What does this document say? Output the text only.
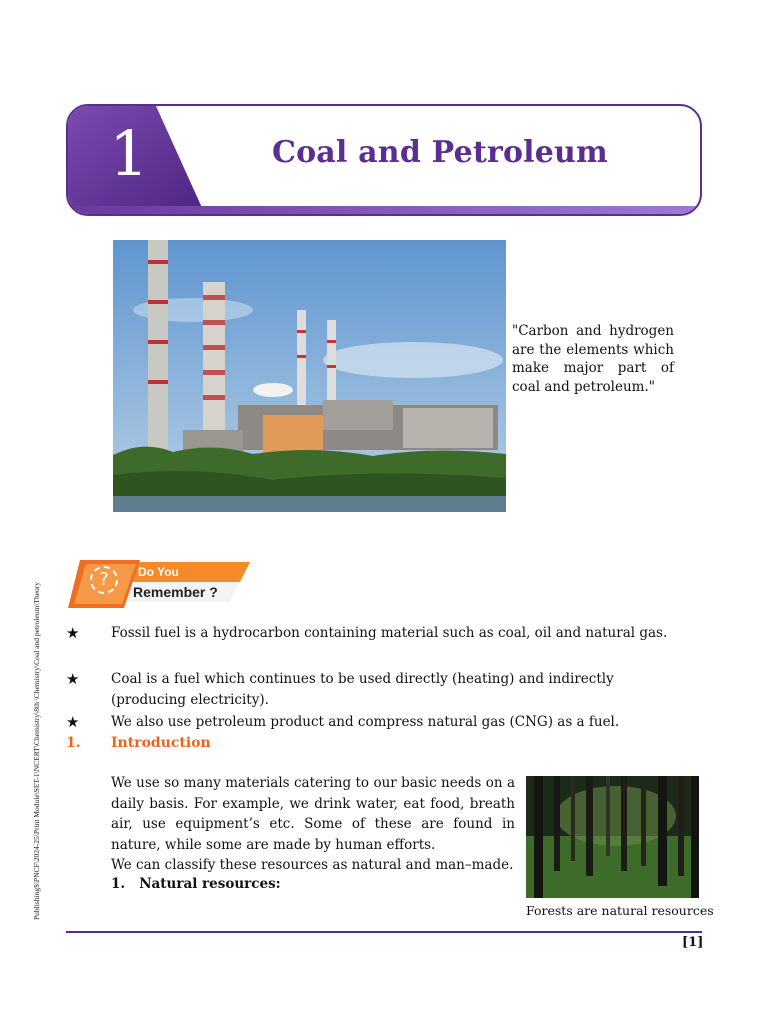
Publishing$\PNCF\2024-25\Print Module\SET-1\NCERT\Chemistry\8th \Chemistry\Coal and petroleum\Theory
1	Coal and Petroleum
"Carbon and hydrogen are the elements which make major part of coal and petroleum."
?	Do You
Remember ?
★ Fossil fuel is a hydrocarbon containing material such as coal, oil and natural gas.
★ Coal is a fuel which continues to be used directly (heating) and indirectly (producing electricity).
★ We also use petroleum product and compress natural gas (CNG) as a fuel.
1. Introduction

We use so many materials catering to our basic needs on a daily basis. For example, we drink water, eat food, breath air, use equipment’s etc. Some of these are found in nature, while some are made by human efforts.

We can classify these resources as natural and man–made.

1.   Natural resources:
Forests are natural resources
[1]
